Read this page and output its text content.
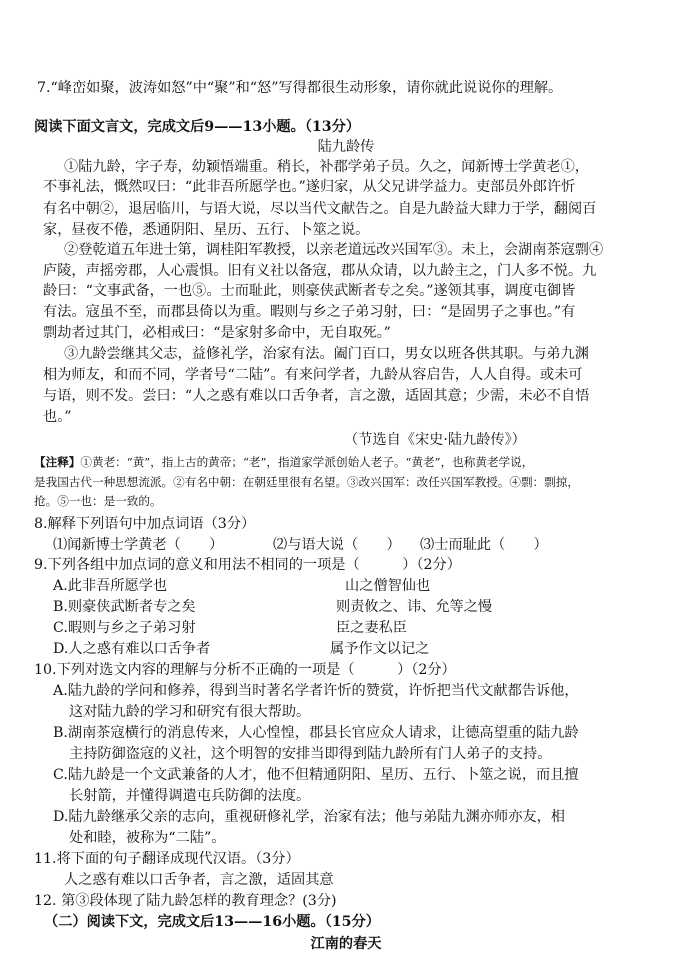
7.“峰峦如聚，波涛如怒”中“聚”和“怒”写得都很生动形象，请你就此说说你的理解。
阅读下面文言文，完成文后9——13小题。（13分）
陆九龄传
①陆九龄，字子寿，幼颖悟端重。稍长，补郡学弟子员。久之，闻新博士学黄老①，
不事礼法，慨然叹曰：“此非吾所愿学也。”遂归家，从父兄讲学益力。吏部员外郎许忻
有名中朝②，退居临川，与语大说，尽以当代文献告之。自是九龄益大肆力于学，翻阅百
家，昼夜不倦，悉通阴阳、星历、五行、卜筮之说。
②登乾道五年进士第，调桂阳军教授，以亲老道远改兴国军③。未上，会湖南茶寇剽④
庐陵，声摇旁郡，人心震惧。旧有义社以备寇，郡从众请，以九龄主之，门人多不悦。九
龄曰：“文事武备，一也⑤。士而耻此，则豪侠武断者专之矣。”遂领其事，调度屯御皆
有法。寇虽不至，而郡县倚以为重。暇则与乡之子弟习射，曰：“是固男子之事也。”有
剽劫者过其门，必相戒曰：“是家射多命中，无自取死。”
③九龄尝继其父志，益修礼学，治家有法。阖门百口，男女以班各供其职。与弟九渊
相为师友，和而不同，学者号“二陆”。有来问学者，九龄从容启告，人人自得。或未可
与语，则不发。尝曰：“人之惑有难以口舌争者，言之激，适固其意；少需，未必不自悟
也。”
（节选自《宋史·陆九龄传》）
【注释】①黄老：“黄”，指上古的黄帝；“老”，指道家学派创始人老子。“黄老”，也称黄老学说，
是我国古代一种思想流派。②有名中朝：在朝廷里很有名望。③改兴国军：改任兴国军教授。④剽：剽掠，
抢。⑤一也：是一致的。
8.解释下列语句中加点词语（3分）
⑴闻新博士学黄老（　　）	⑵与语大说（　　） ⑶士而耻此（　　）
9.下列各组中加点词的意义和用法不相同的一项是（　　　）（2分）
A.此非吾所愿学也	山之僧智仙也
B.则豪侠武断者专之矣	则责攸之、讳、允等之慢
C.暇则与乡之子弟习射	臣之妻私臣
D.人之惑有难以口舌争者	属予作文以记之
10.下列对选文内容的理解与分析不正确的一项是（　　　）（2分）
A.陆九龄的学问和修养，得到当时著名学者许忻的赞赏，许忻把当代文献都告诉他，
这对陆九龄的学习和研究有很大帮助。
B.湖南茶寇横行的消息传来，人心惶惶，郡县长官应众人请求，让德高望重的陆九龄
主持防御盗寇的义社，这个明智的安排当即得到陆九龄所有门人弟子的支持。
C.陆九龄是一个文武兼备的人才，他不但精通阴阳、星历、五行、卜筮之说，而且擅
长射箭，并懂得调遣屯兵防御的法度。
D.陆九龄继承父亲的志向，重视研修礼学，治家有法；他与弟陆九渊亦师亦友，相
处和睦，被称为“二陆”。
11.将下面的句子翻译成现代汉语。（3分）
人之惑有难以口舌争者，言之激，适固其意
12. 第③段体现了陆九龄怎样的教育理念？(3分)
（二）阅读下文，完成文后13——16小题。（15分）
江南的春天
